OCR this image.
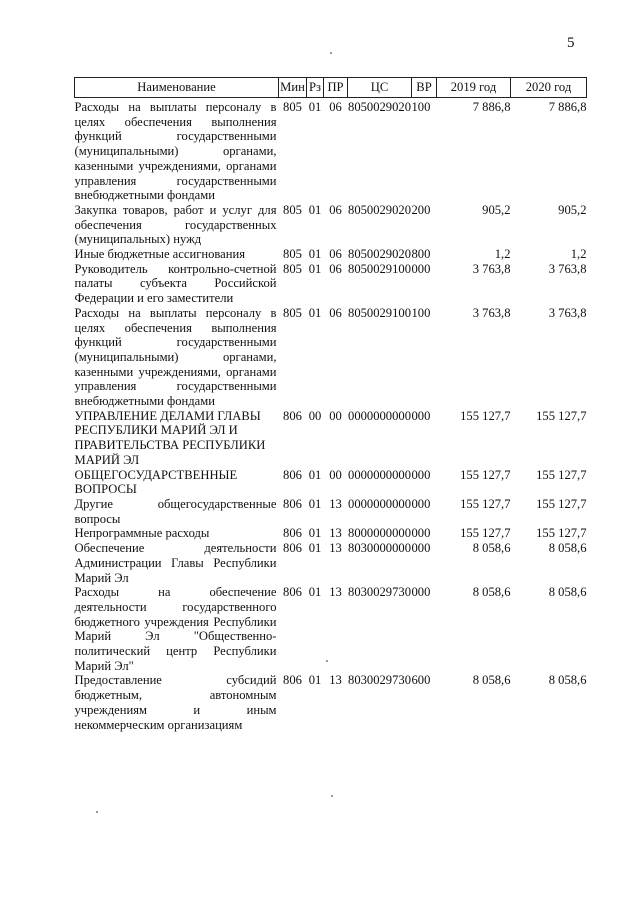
5
Наименование	Мин	Рз	ПР	ЦС	ВР	2019 год	2020 год
Расходы на выплаты персоналу в целях обеспечения выполнения функций государственными (муниципальными) органами, казенными учреждениями, органами управления государственными внебюджетными фондами	805	01	06	8050029020	100	7 886,8	7 886,8
Закупка товаров, работ и услуг для обеспечения государственных (муниципальных) нужд	805	01	06	8050029020	200	905,2	905,2
Иные бюджетные ассигнования	805	01	06	8050029020	800	1,2	1,2
Руководитель контрольно-счетной палаты субъекта Российской Федерации и его заместители	805	01	06	8050029100	000	3 763,8	3 763,8
Расходы на выплаты персоналу в целях обеспечения выполнения функций государственными (муниципальными) органами, казенными учреждениями, органами управления государственными внебюджетными фондами	805	01	06	8050029100	100	3 763,8	3 763,8
УПРАВЛЕНИЕ ДЕЛАМИ ГЛАВЫ РЕСПУБЛИКИ МАРИЙ ЭЛ И ПРАВИТЕЛЬСТВА РЕСПУБЛИКИ МАРИЙ ЭЛ	806	00	00	0000000000	000	155 127,7	155 127,7
ОБЩЕГОСУДАРСТВЕННЫЕ ВОПРОСЫ	806	01	00	0000000000	000	155 127,7	155 127,7
Другие общегосударственные вопросы	806	01	13	0000000000	000	155 127,7	155 127,7
Непрограммные расходы	806	01	13	8000000000	000	155 127,7	155 127,7
Обеспечение деятельности Администрации Главы Республики Марий Эл	806	01	13	8030000000	000	8 058,6	8 058,6
Расходы на обеспечение деятельности государственного бюджетного учреждения Республики Марий Эл "Общественно-политический центр Республики Марий Эл"	806	01	13	8030029730	000	8 058,6	8 058,6
Предоставление субсидий бюджетным, автономным учреждениям и иным некоммерческим организациям	806	01	13	8030029730	600	8 058,6	8 058,6
